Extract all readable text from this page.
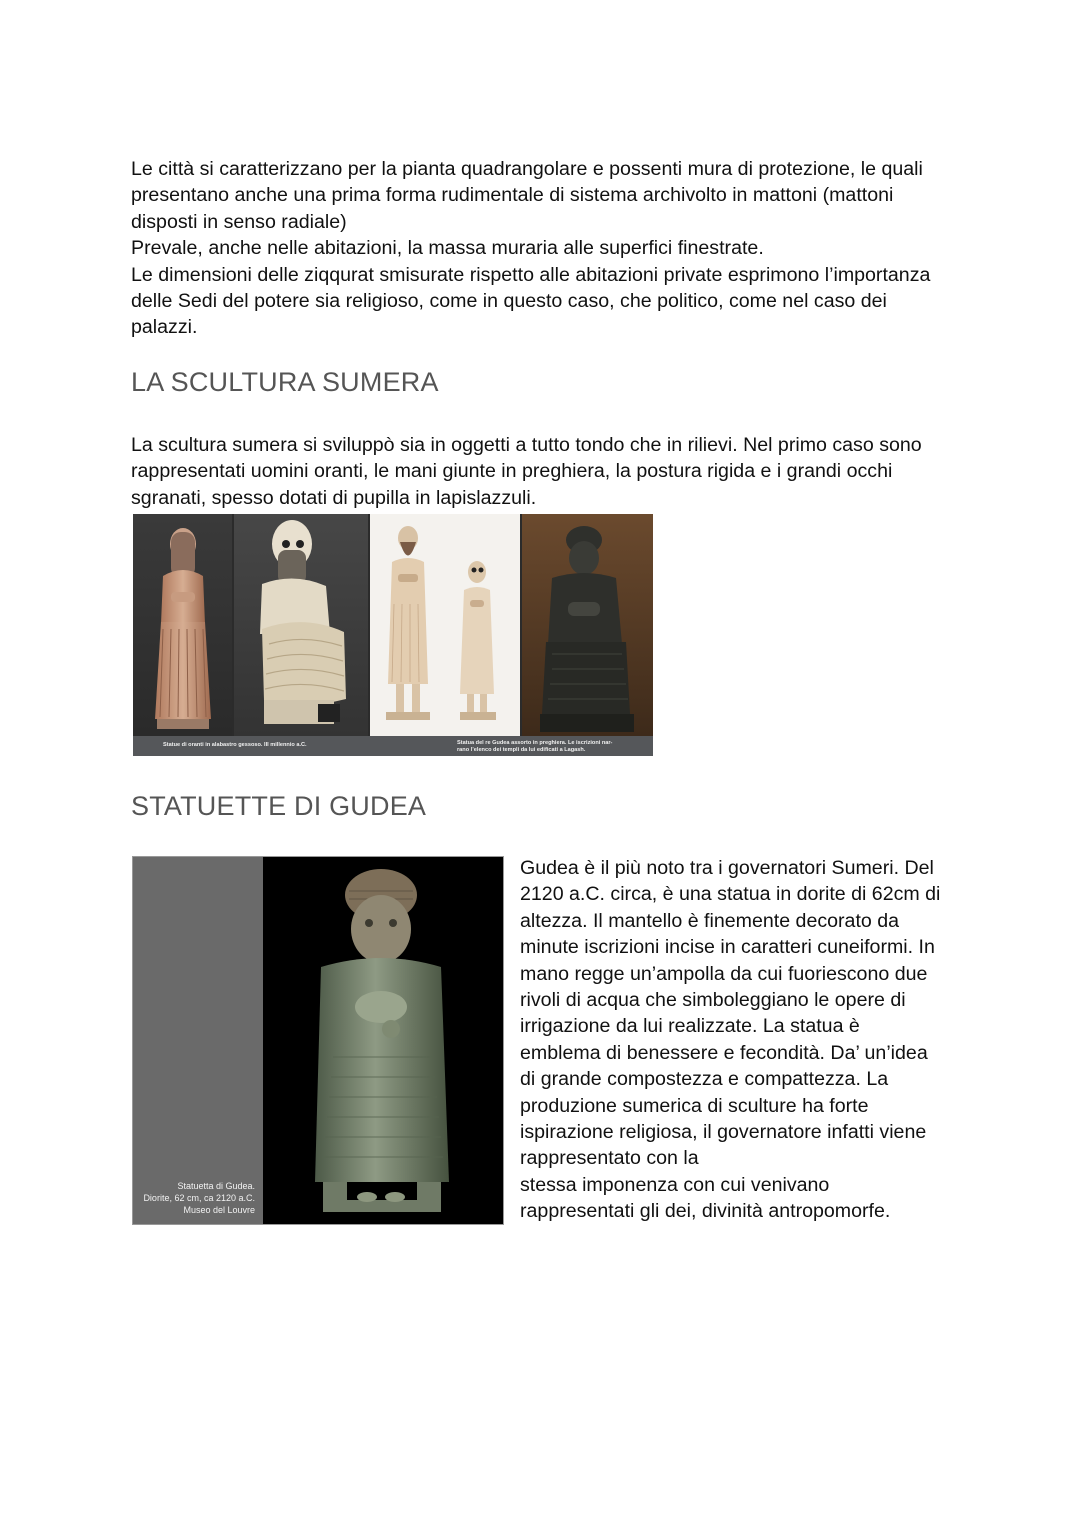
Le città si caratterizzano per la pianta quadrangolare e possenti mura di protezione, le quali
presentano anche una prima forma rudimentale di sistema archivolto in mattoni (mattoni
disposti in senso radiale)
Prevale, anche nelle abitazioni, la massa muraria alle superfici finestrate.
Le dimensioni delle ziqqurat smisurate rispetto alle abitazioni private esprimono l’importanza
delle Sedi del potere sia religioso, come in questo caso, che politico, come nel caso dei
palazzi.

LA SCULTURA SUMERA

La scultura sumera si sviluppò sia in oggetti a tutto tondo che in rilievi. Nel primo caso sono
rappresentati uomini oranti, le mani giunte in preghiera, la postura rigida e i grandi occhi
sgranati, spesso dotati di pupilla in lapislazzuli.

Statue di oranti in alabastro gessoso. III millennio a.C.	Statua del re Gudea assorto in preghiera. Le iscrizioni nar-
rano l’elenco dei templi da lui edificati a Lagash.

STATUETTE DI GUDEA

Statuetta di Gudea.
Diorite, 62 cm, ca 2120 a.C.
Museo del Louvre

Gudea è il più noto tra i governatori Sumeri. Del
2120 a.C. circa, è una statua in dorite di 62cm di
altezza. Il mantello è finemente decorato da
minute iscrizioni incise in caratteri cuneiformi. In
mano regge un’ampolla da cui fuoriescono due
rivoli di acqua che simboleggiano le opere di
irrigazione da lui realizzate. La statua è
emblema di benessere e fecondità. Da’ un’idea
di grande compostezza e compattezza. La
produzione sumerica di sculture ha forte
ispirazione religiosa, il governatore infatti viene
rappresentato con la
stessa imponenza con cui venivano
rappresentati gli dei, divinità antropomorfe.
